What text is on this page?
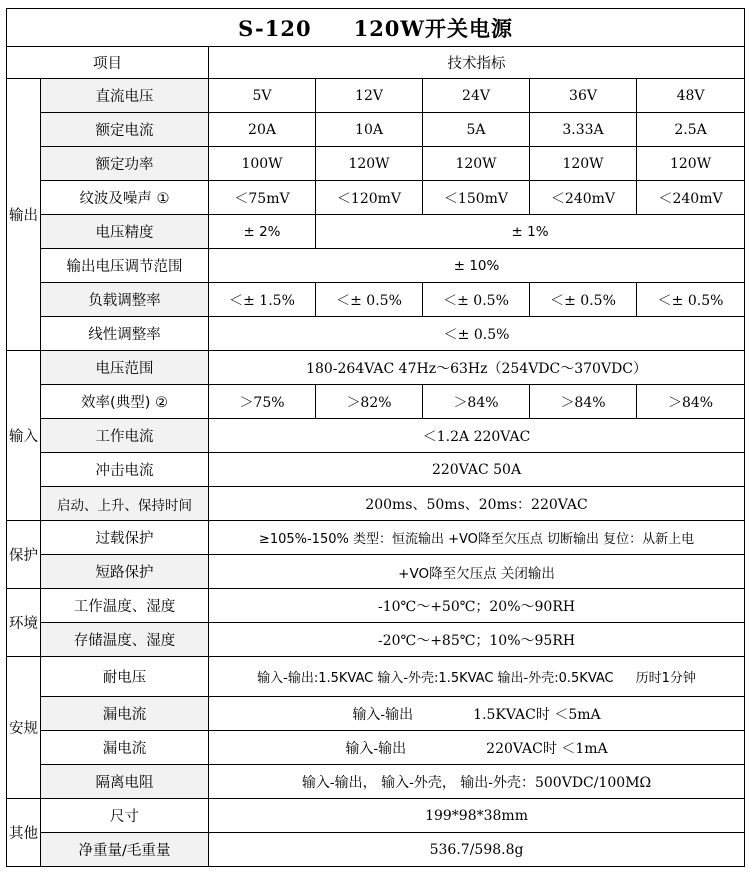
S-120 120W开关电源						
项目		技术指标				
输出	直流电压	5V	12V	24V	36V	48V
	额定电流	20A	10A	5A	3.33A	2.5A
	额定功率	100W	120W	120W	120W	120W
	纹波及噪声 ①	＜75mV	＜120mV	＜150mV	＜240mV	＜240mV
	电压精度	± 2%	± 1%			
	输出电压调节范围	± 10%				
	负载调整率	＜± 1.5%	＜± 0.5%	＜± 0.5%	＜± 0.5%	＜± 0.5%
	线性调整率	＜± 0.5%				
输入	电压范围	180-264VAC 47Hz～63Hz（254VDC～370VDC）				
	效率(典型) ②	＞75%	＞82%	＞84%	＞84%	＞84%
	工作电流	＜1.2A 220VAC				
	冲击电流	220VAC 50A				
	启动、上升、保持时间	200ms、50ms、20ms：220VAC				
保护	过载保护	≥105%-150% 类型：恒流输出 +VO降至欠压点 切断输出 复位：从新上电				
	短路保护	+VO降至欠压点 关闭输出				
环境	工作温度、湿度	-10℃～+50℃；20%～90RH				
	存储温度、湿度	-20℃～+85℃；10%～95RH				
安规	耐电压	输入-输出:1.5KVAC 输入-外壳:1.5KVAC 输出-外壳:0.5KVAC 历时1分钟				
	漏电流	输入-输出 1.5KVAC时 ＜5mA				
	漏电流	输入-输出 220VAC时 ＜1mA				
	隔离电阻	输入-输出， 输入-外壳， 输出-外壳：500VDC/100MΩ				
其他	尺寸	199*98*38mm				
	净重量/毛重量	536.7/598.8g				
